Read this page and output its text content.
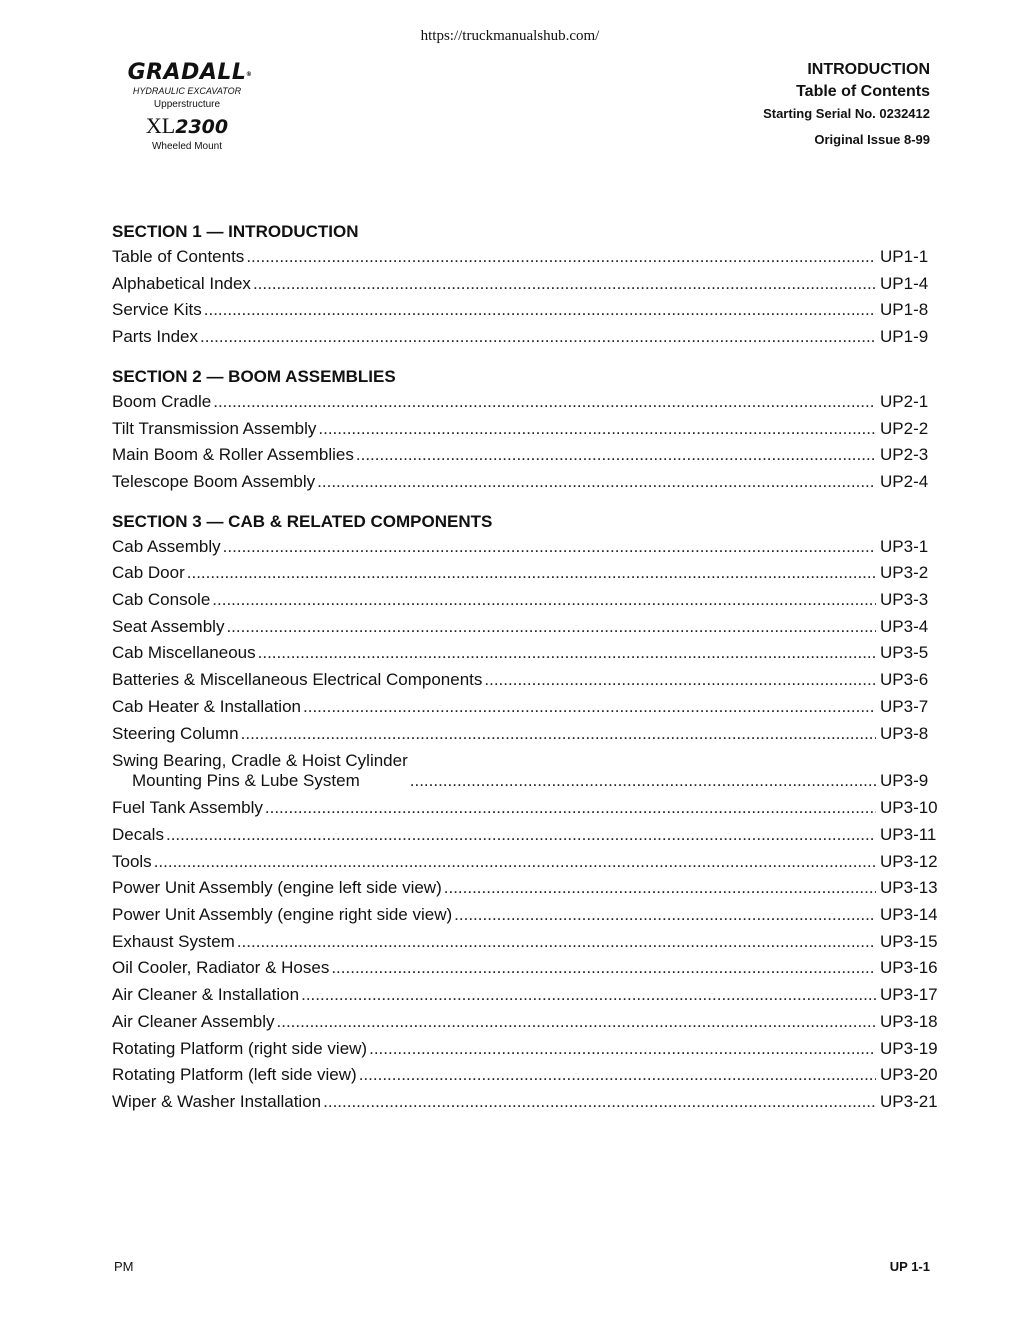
https://truckmanualshub.com/
GRADALL ®
HYDRAULIC EXCAVATOR
Upperstructure
XL2300
Wheeled Mount
INTRODUCTION
Table of Contents
Starting Serial No. 0232412
Original Issue 8-99
SECTION 1 — INTRODUCTION
Table of Contents .....	UP1-1
Alphabetical Index .....	UP1-4
Service Kits .....	UP1-8
Parts Index .....	UP1-9
SECTION 2 — BOOM ASSEMBLIES
Boom Cradle .....	UP2-1
Tilt Transmission Assembly .....	UP2-2
Main Boom & Roller Assemblies .....	UP2-3
Telescope Boom Assembly .....	UP2-4
SECTION 3 — CAB & RELATED COMPONENTS
Cab Assembly .....	UP3-1
Cab Door .....	UP3-2
Cab Console .....	UP3-3
Seat Assembly .....	UP3-4
Cab Miscellaneous .....	UP3-5
Batteries & Miscellaneous Electrical Components .....	UP3-6
Cab Heater & Installation .....	UP3-7
Steering Column .....	UP3-8
Swing Bearing, Cradle & Hoist Cylinder
Mounting Pins & Lube System .....	UP3-9
Fuel Tank Assembly .....	UP3-10
Decals .....	UP3-11
Tools .....	UP3-12
Power Unit Assembly (engine left side view) .....	UP3-13
Power Unit Assembly (engine right side view) .....	UP3-14
Exhaust System .....	UP3-15
Oil Cooler, Radiator & Hoses .....	UP3-16
Air Cleaner & Installation .....	UP3-17
Air Cleaner Assembly .....	UP3-18
Rotating Platform (right side view) .....	UP3-19
Rotating Platform (left side view) .....	UP3-20
Wiper & Washer Installation .....	UP3-21
PM	UP 1-1
